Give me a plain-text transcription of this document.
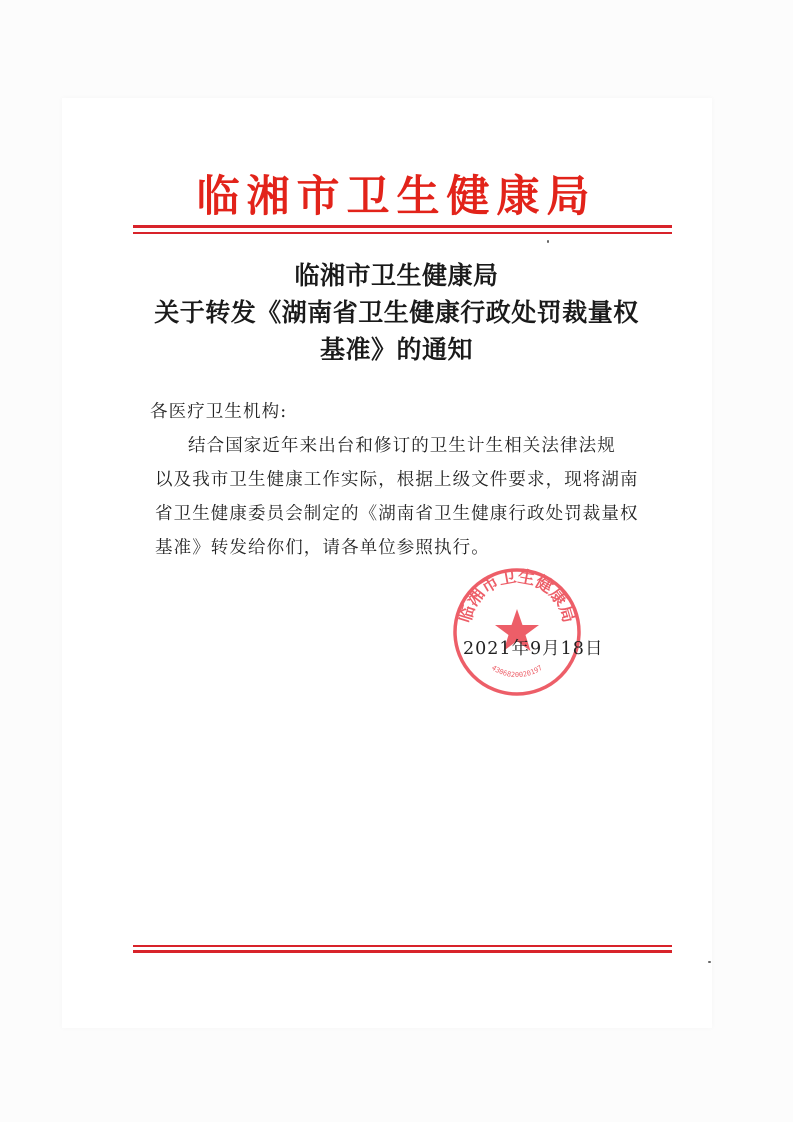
临湘市卫生健康局
临湘市卫生健康局
关于转发《湖南省卫生健康行政处罚裁量权
基准》的通知
各医疗卫生机构:
结合国家近年来出台和修订的卫生计生相关法律法规
以及我市卫生健康工作实际，根据上级文件要求，现将湖南
省卫生健康委员会制定的《湖南省卫生健康行政处罚裁量权
基准》转发给你们，请各单位参照执行。
临湘市卫生健康局
4306820020197
2021年9月18日
